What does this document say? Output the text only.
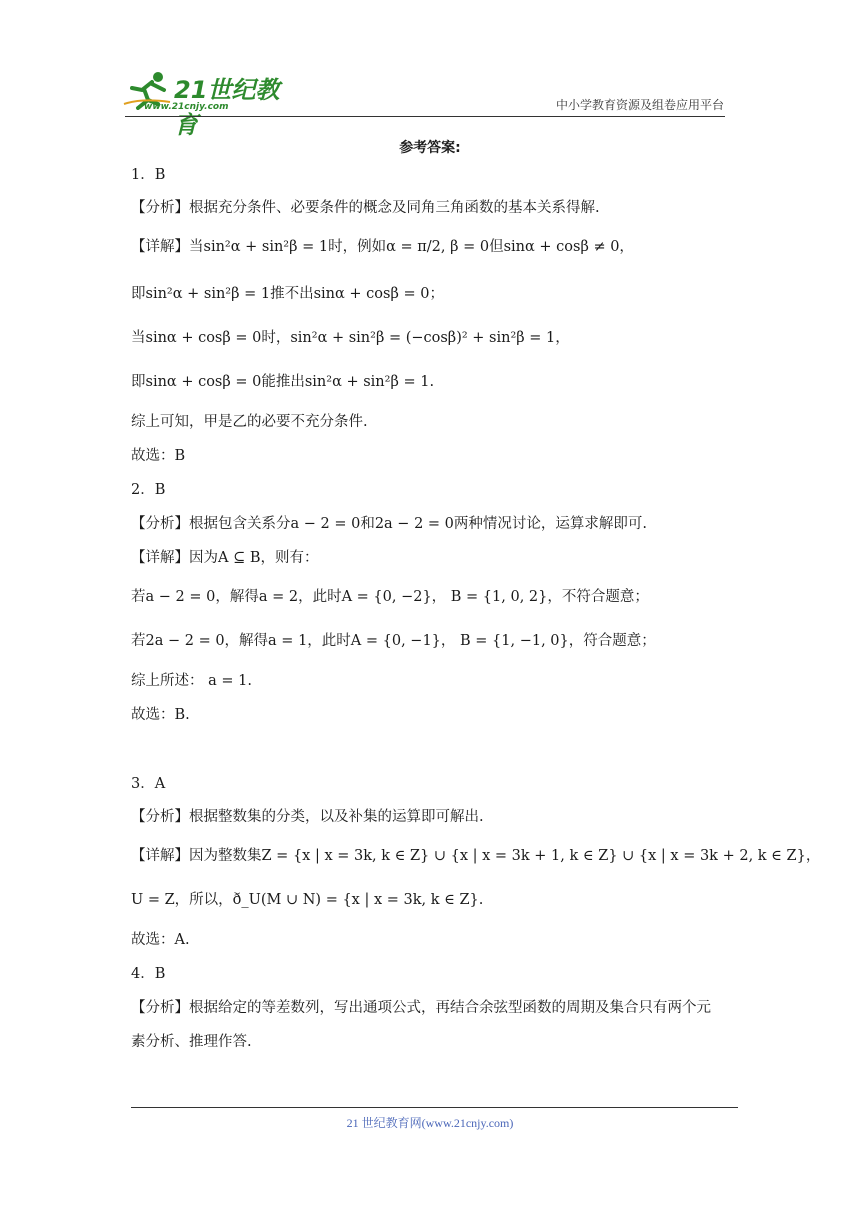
21世纪教育
www.21cnjy.com	中小学教育资源及组卷应用平台
参考答案:
1．B
【分析】根据充分条件、必要条件的概念及同角三角函数的基本关系得解.
【详解】当sin²α + sin²β = 1时，例如α = π/2, β = 0但sinα + cosβ ≠ 0，
即sin²α + sin²β = 1推不出sinα + cosβ = 0；
当sinα + cosβ = 0时，sin²α + sin²β = (−cosβ)² + sin²β = 1，
即sinα + cosβ = 0能推出sin²α + sin²β = 1.
综上可知，甲是乙的必要不充分条件.
故选：B
2．B
【分析】根据包含关系分a − 2 = 0和2a − 2 = 0两种情况讨论，运算求解即可.
【详解】因为A ⊆ B，则有：
若a − 2 = 0，解得a = 2，此时A = {0, −2}， B = {1, 0, 2}，不符合题意；
若2a − 2 = 0，解得a = 1，此时A = {0, −1}， B = {1, −1, 0}，符合题意；
综上所述： a = 1.
故选：B.
3．A
【分析】根据整数集的分类，以及补集的运算即可解出.
【详解】因为整数集Z = {x | x = 3k, k ∈ Z} ∪ {x | x = 3k + 1, k ∈ Z} ∪ {x | x = 3k + 2, k ∈ Z}，
U = Z，所以，ð_U(M ∪ N) = {x | x = 3k, k ∈ Z}.
故选：A.
4．B
【分析】根据给定的等差数列，写出通项公式，再结合余弦型函数的周期及集合只有两个元
素分析、推理作答.
21 世纪教育网(www.21cnjy.com)
